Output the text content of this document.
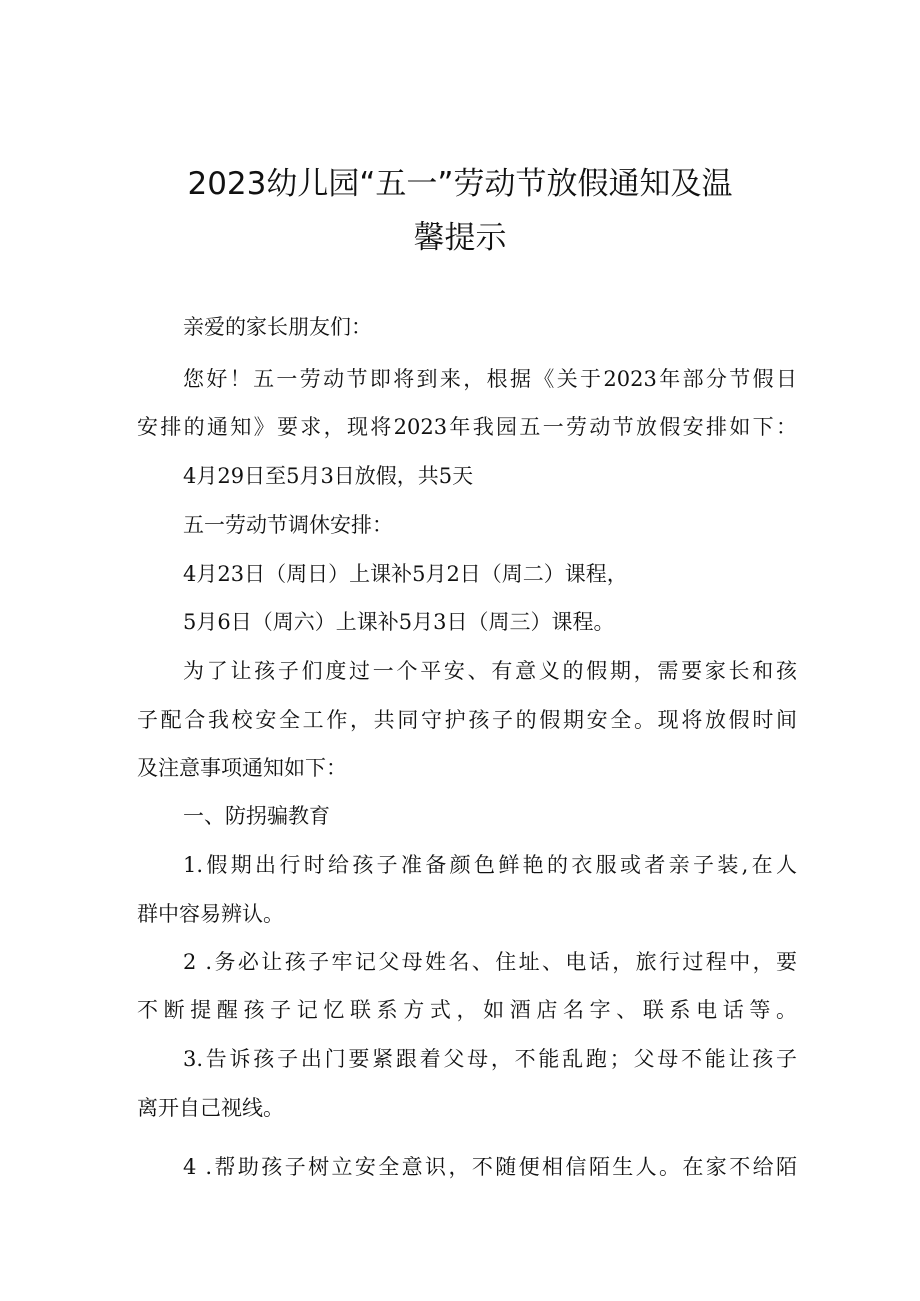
2023幼儿园“五一”劳动节放假通知及温
馨提示
亲爱的家长朋友们：
您好！五一劳动节即将到来，根据《关于2023年部分节假日
安排的通知》要求，现将2023年我园五一劳动节放假安排如下：
4月29日至5月3日放假，共5天
五一劳动节调休安排：
4月23日（周日）上课补5月2日（周二）课程，
5月6日（周六）上课补5月3日（周三）课程。
为了让孩子们度过一个平安、有意义的假期，需要家长和孩
子配合我校安全工作，共同守护孩子的假期安全。现将放假时间
及注意事项通知如下：
一、防拐骗教育
1.假期出行时给孩子准备颜色鲜艳的衣服或者亲子装,在人
群中容易辨认。
2 .务必让孩子牢记父母姓名、住址、电话，旅行过程中，要
不断提醒孩子记忆联系方式，如酒店名字、联系电话等。
3.告诉孩子出门要紧跟着父母，不能乱跑；父母不能让孩子
离开自己视线。
4 .帮助孩子树立安全意识，不随便相信陌生人。在家不给陌
